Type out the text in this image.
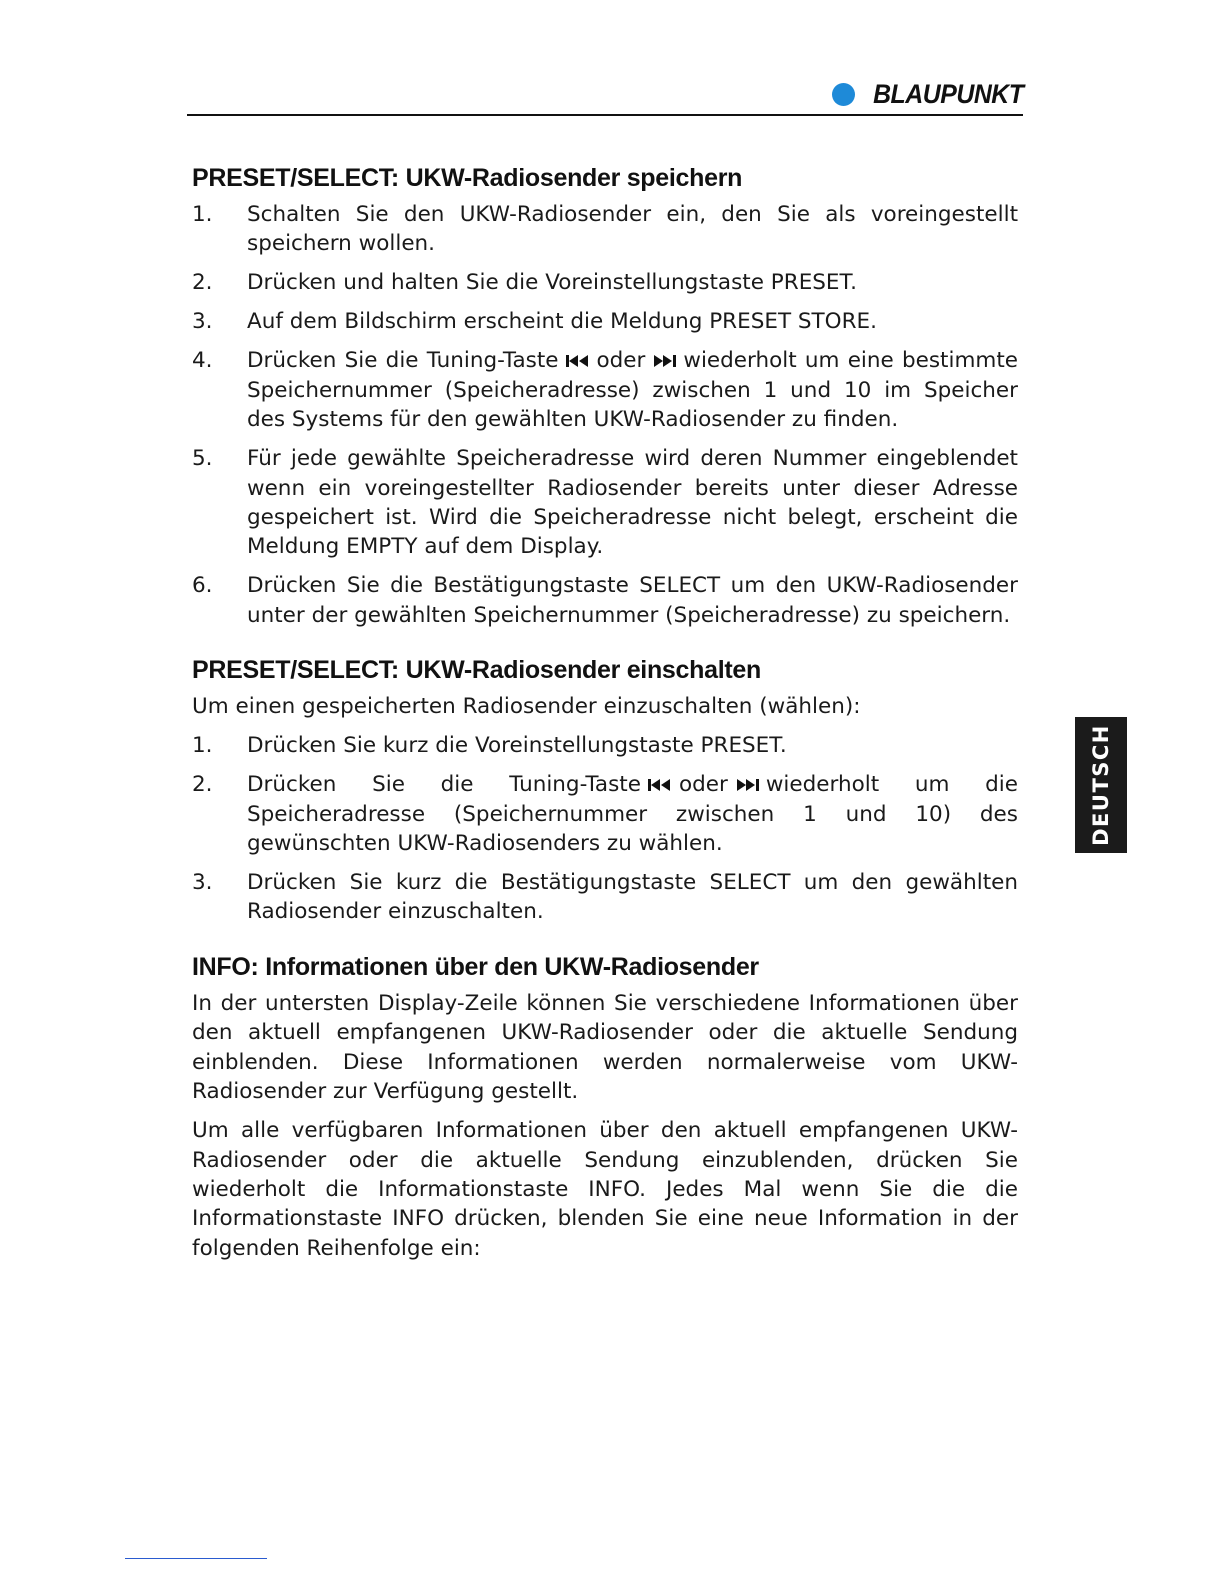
BLAUPUNKT
PRESET/SELECT: UKW-Radiosender speichern
1.	Schalten Sie den UKW-Radiosender ein, den Sie als voreingestellt speichern wollen.
2.	Drücken und halten Sie die Voreinstellungstaste PRESET.
3.	Auf dem Bildschirm erscheint die Meldung PRESET STORE.
4.	Drücken Sie die Tuning-Taste oder wiederholt um eine bestimmte Speichernummer (Speicheradresse) zwischen 1 und 10 im Speicher des Systems für den gewählten UKW-Radiosender zu finden.
5.	Für jede gewählte Speicheradresse wird deren Nummer eingeblendet wenn ein voreingestellter Radiosender bereits unter dieser Adresse gespeichert ist. Wird die Speicheradresse nicht belegt, erscheint die Meldung EMPTY auf dem Display.
6.	Drücken Sie die Bestätigungstaste SELECT um den UKW-Radiosender unter der gewählten Speichernummer (Speicheradresse) zu speichern.
PRESET/SELECT: UKW-Radiosender einschalten

Um einen gespeicherten Radiosender einzuschalten (wählen):

1.	Drücken Sie kurz die Voreinstellungstaste PRESET.
2.	Drücken Sie die Tuning-Taste oder wiederholt um die Speicheradresse (Speichernummer zwischen 1 und 10) des gewünschten UKW-Radiosenders zu wählen.
3.	Drücken Sie kurz die Bestätigungstaste SELECT um den gewählten Radiosender einzuschalten.
INFO: Informationen über den UKW-Radiosender

In der untersten Display-Zeile können Sie verschiedene Informationen über den aktuell empfangenen UKW-Radiosender oder die aktuelle Sendung einblenden. Diese Informationen werden normalerweise vom UKW-Radiosender zur Verfügung gestellt.

Um alle verfügbaren Informationen über den aktuell empfangenen UKW-Radiosender oder die aktuelle Sendung einzublenden, drücken Sie wiederholt die Informationstaste INFO. Jedes Mal wenn Sie die die Informationstaste INFO drücken, blenden Sie eine neue Information in der folgenden Reihenfolge ein:

DEUTSCH
